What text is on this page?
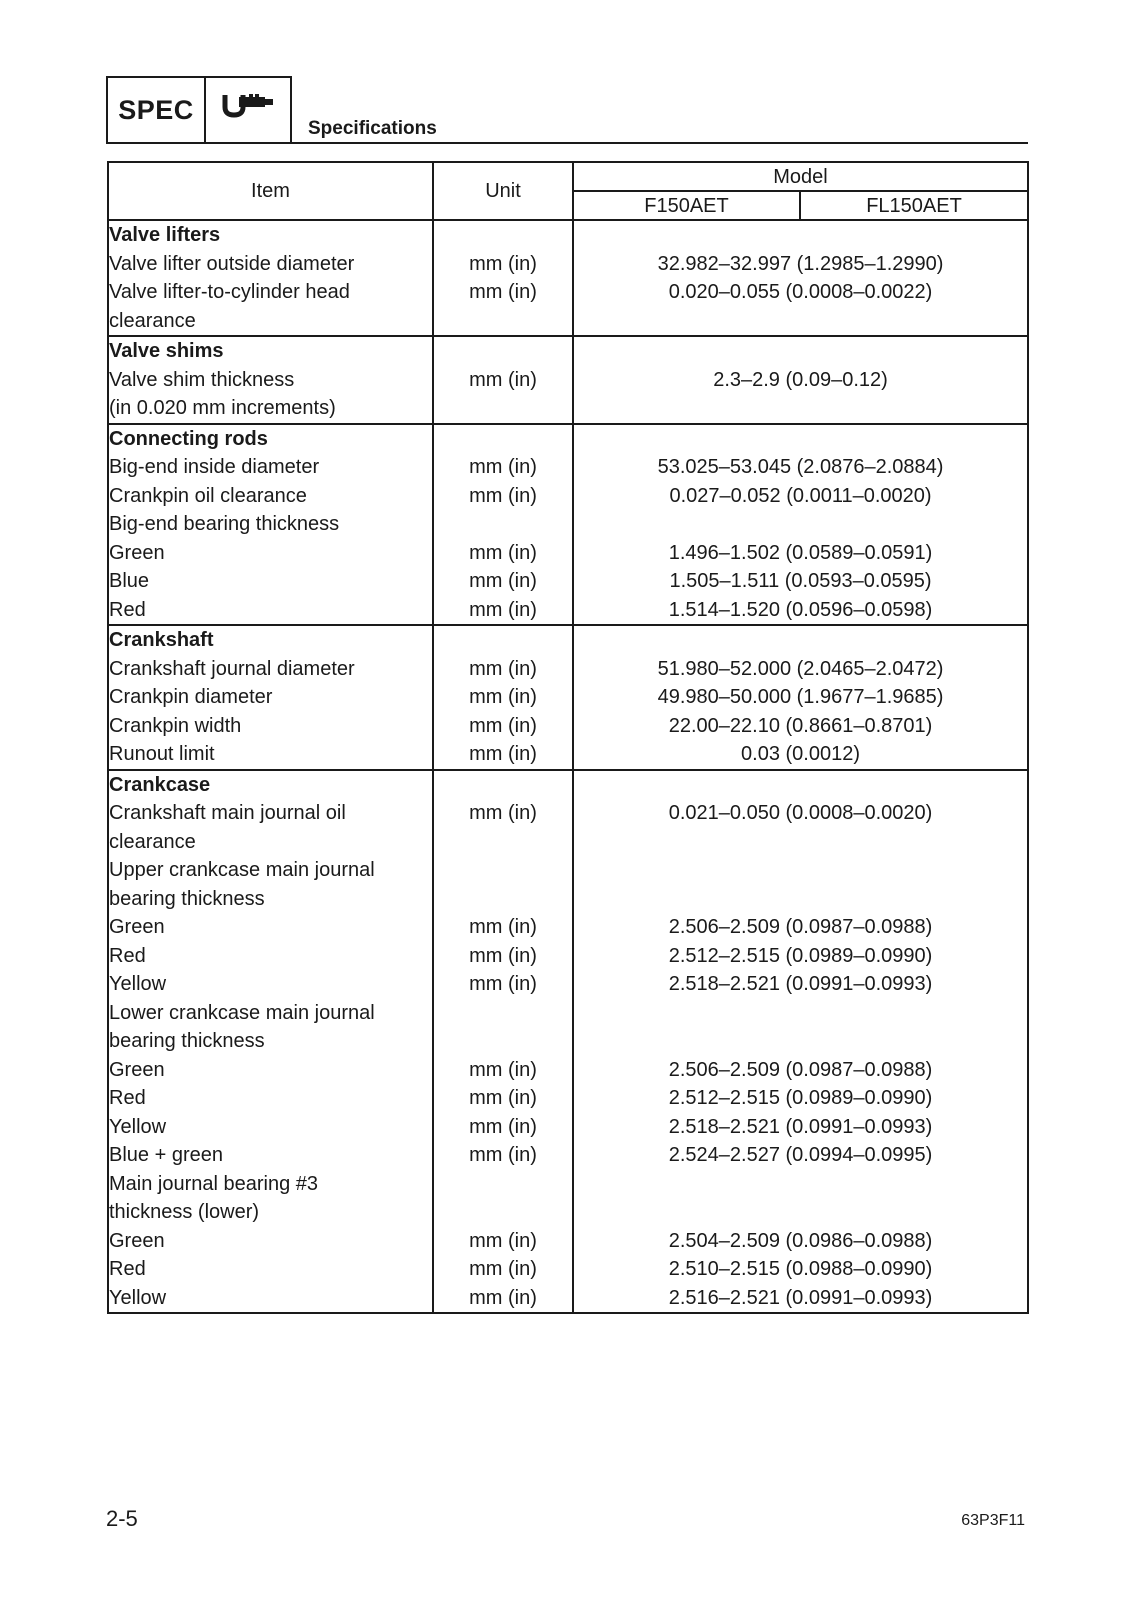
SPEC
Specifications
Item	Unit	Model	
		F150AET	FL150AET
Valve lifters			
Valve lifter outside diameter	mm (in)	32.982–32.997 (1.2985–1.2990)	
Valve lifter-to-cylinder head	mm (in)	0.020–0.055 (0.0008–0.0022)	
clearance			
Valve shims			
Valve shim thickness	mm (in)	2.3–2.9 (0.09–0.12)	
(in 0.020 mm increments)			
Connecting rods			
Big-end inside diameter	mm (in)	53.025–53.045 (2.0876–2.0884)	
Crankpin oil clearance	mm (in)	0.027–0.052 (0.0011–0.0020)	
Big-end bearing thickness			
Green	mm (in)	1.496–1.502 (0.0589–0.0591)	
Blue	mm (in)	1.505–1.511 (0.0593–0.0595)	
Red	mm (in)	1.514–1.520 (0.0596–0.0598)	
Crankshaft			
Crankshaft journal diameter	mm (in)	51.980–52.000 (2.0465–2.0472)	
Crankpin diameter	mm (in)	49.980–50.000 (1.9677–1.9685)	
Crankpin width	mm (in)	22.00–22.10 (0.8661–0.8701)	
Runout limit	mm (in)	0.03 (0.0012)	
Crankcase			
Crankshaft main journal oil	mm (in)	0.021–0.050 (0.0008–0.0020)	
clearance			
Upper crankcase main journal			
bearing thickness			
Green	mm (in)	2.506–2.509 (0.0987–0.0988)	
Red	mm (in)	2.512–2.515 (0.0989–0.0990)	
Yellow	mm (in)	2.518–2.521 (0.0991–0.0993)	
Lower crankcase main journal			
bearing thickness			
Green	mm (in)	2.506–2.509 (0.0987–0.0988)	
Red	mm (in)	2.512–2.515 (0.0989–0.0990)	
Yellow	mm (in)	2.518–2.521 (0.0991–0.0993)	
Blue + green	mm (in)	2.524–2.527 (0.0994–0.0995)	
Main journal bearing #3			
thickness (lower)			
Green	mm (in)	2.504–2.509 (0.0986–0.0988)	
Red	mm (in)	2.510–2.515 (0.0988–0.0990)	
Yellow	mm (in)	2.516–2.521 (0.0991–0.0993)	
2-5	63P3F11
